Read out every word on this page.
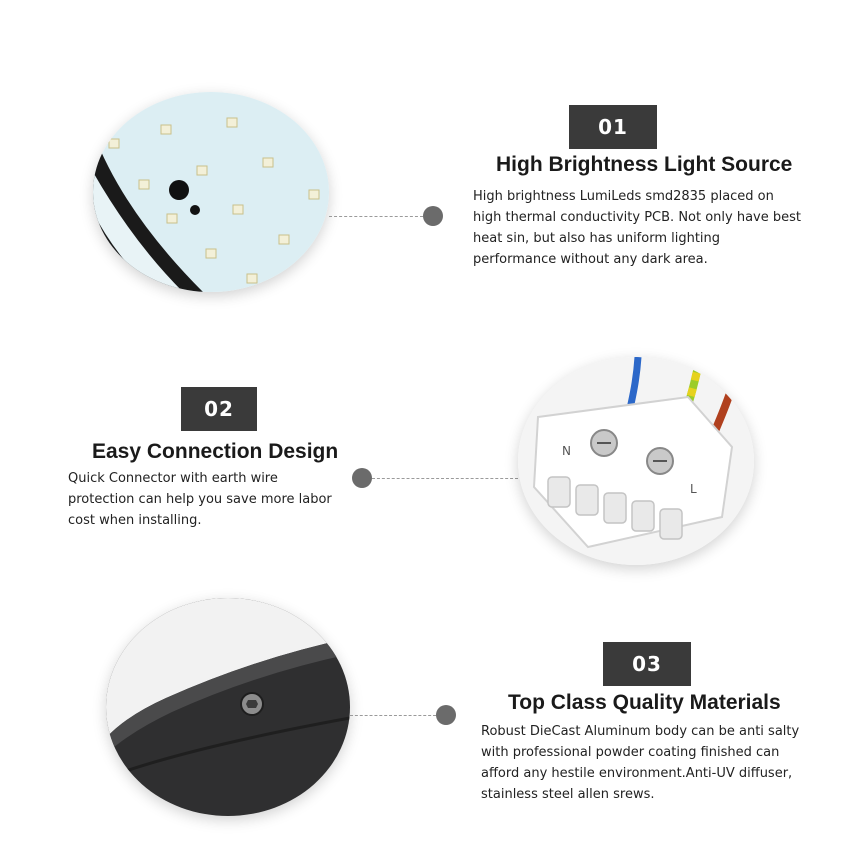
01
High Brightness Light Source
High brightness LumiLeds smd2835 placed on
high thermal conductivity PCB. Not only have best
heat sin, but also has uniform lighting
performance without any dark area.
02
Easy Connection Design
Quick Connector with earth wire
protection can help you save more labor
cost when installing.
N
L
03
Top Class Quality Materials
Robust DieCast Aluminum body can be anti salty
with professional powder coating finished can
afford any hestile environment.Anti-UV diffuser,
stainless steel allen srews.
